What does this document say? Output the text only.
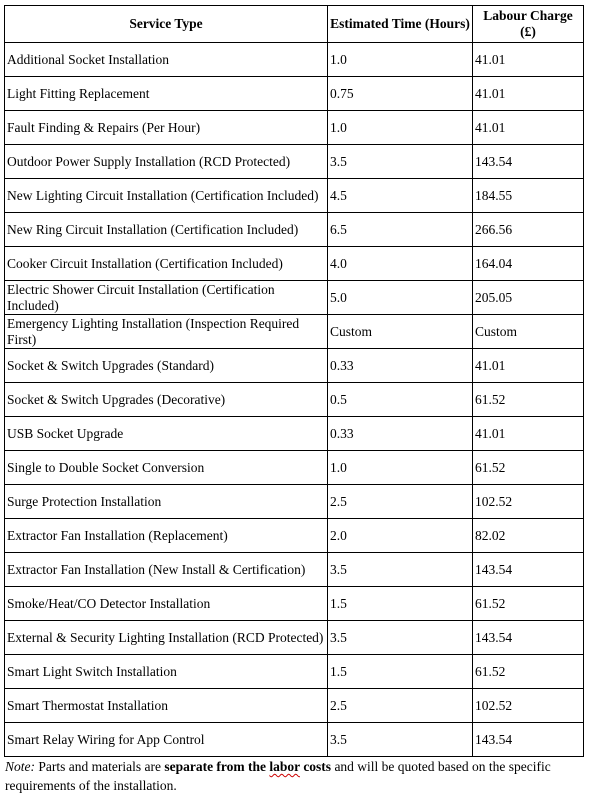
Service Type	Estimated Time (Hours)	Labour Charge (£)
Additional Socket Installation	1.0	41.01
Light Fitting Replacement	0.75	41.01
Fault Finding & Repairs (Per Hour)	1.0	41.01
Outdoor Power Supply Installation (RCD Protected)	3.5	143.54
New Lighting Circuit Installation (Certification Included)	4.5	184.55
New Ring Circuit Installation (Certification Included)	6.5	266.56
Cooker Circuit Installation (Certification Included)	4.0	164.04
Electric Shower Circuit Installation (Certification Included)	5.0	205.05
Emergency Lighting Installation (Inspection Required First)	Custom	Custom
Socket & Switch Upgrades (Standard)	0.33	41.01
Socket & Switch Upgrades (Decorative)	0.5	61.52
USB Socket Upgrade	0.33	41.01
Single to Double Socket Conversion	1.0	61.52
Surge Protection Installation	2.5	102.52
Extractor Fan Installation (Replacement)	2.0	82.02
Extractor Fan Installation (New Install & Certification)	3.5	143.54
Smoke/Heat/CO Detector Installation	1.5	61.52
External & Security Lighting Installation (RCD Protected)	3.5	143.54
Smart Light Switch Installation	1.5	61.52
Smart Thermostat Installation	2.5	102.52
Smart Relay Wiring for App Control	3.5	143.54
Note: Parts and materials are separate from the labor costs and will be quoted based on the specific requirements of the installation.
